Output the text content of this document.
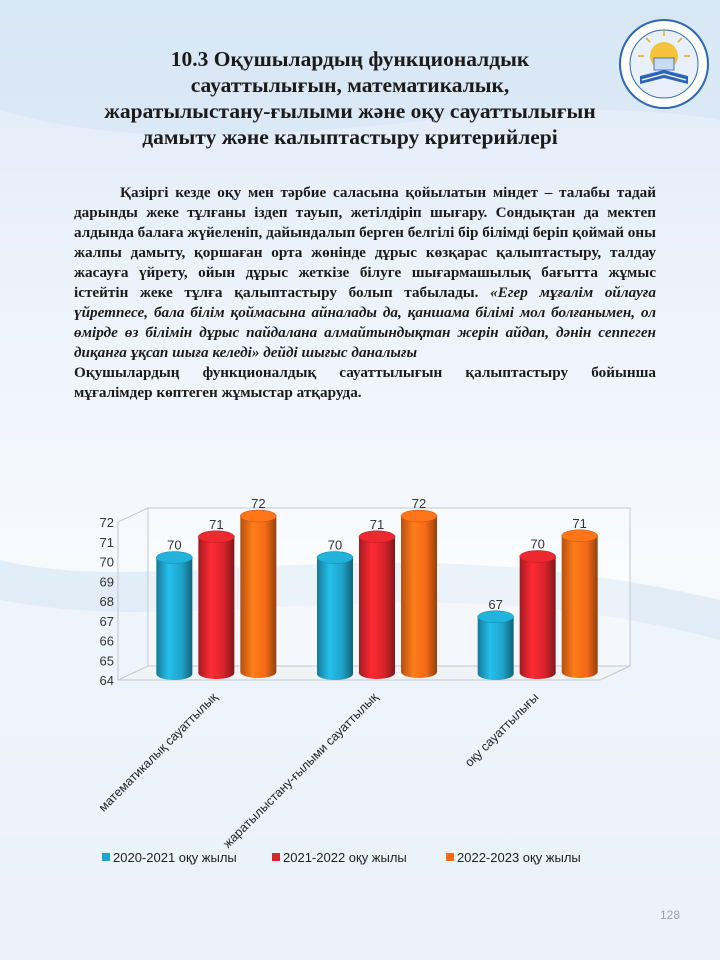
10.3 Оқушылардың функционалдык
сауаттылығын, математикалык,
жаратылыстану-ғылыми және оқу сауаттылығын
дамыту және калыптастыру критерийлері

Қазіргі кезде оқу мен тәрбие саласына қойылатын міндет – талабы тадай дарынды жеке тұлғаны іздеп тауып, жетілдіріп шығару. Сондықтан да мектеп алдында балаға жүйеленіп, дайындалып берген белгілі бір білімді беріп қоймай оны жалпы дамыту, қоршаған орта жөнінде дұрыс көзқарас қалыптастыру, талдау жасауға үйрету, ойын дұрыс жеткізе білуге шығармашылық бағытта жұмыс істейтін жеке тұлға қалыптастыру болып табылады. «Егер мұғалім ойлауға үйретпесе, бала білім қоймасына айналады да, қаншама білімі мол болғанымен, ол өмірде өз білімін дұрыс пайдалана алмайтындықтан жерін айдап, дәнін сеппеген диқанға ұқсап шыға келеді» дейді шығыс даналығы

Оқушылардың функционалдық сауаттылығын қалыптастыру бойынша мұғалімдер көптеген жұмыстар атқаруда.

64
65
66
67
68
69
70
71
72
70
71
72
математикалық сауаттылық
70
71
72
жаратылыстану-ғылыми сауаттылық
67
70
71
оқу сауаттылығы
2020-2021 оқу жылы	2021-2022 оқу жылы	2022-2023 оқу жылы
128
